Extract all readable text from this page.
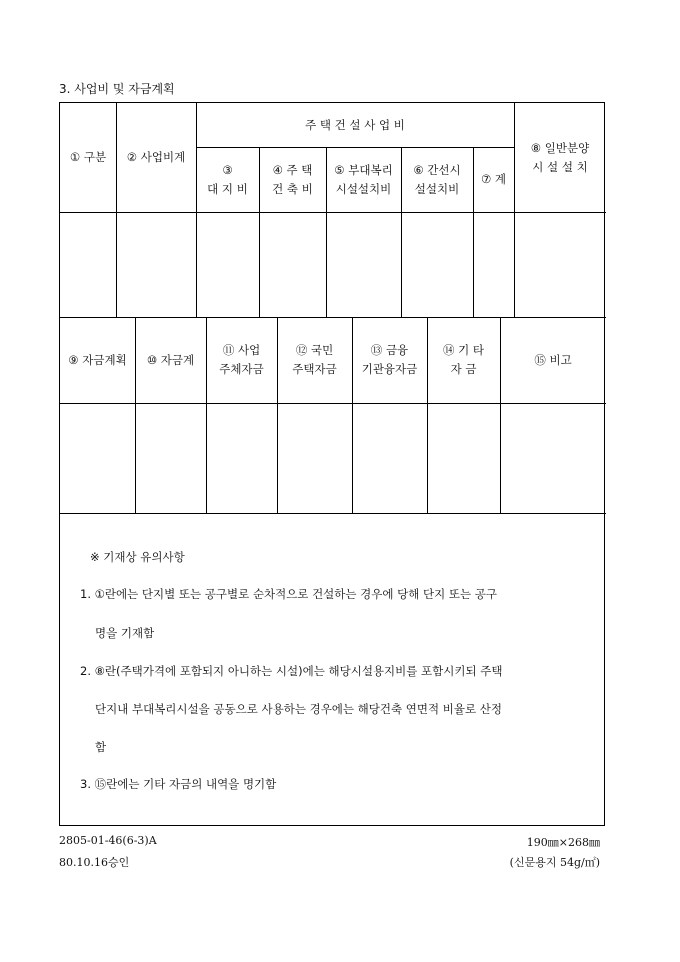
3. 사업비 및 자금계획
① 구분 ② 사업비계
주 택 건 설 사 업 비
③
대 지 비
④ 주 택
건 축 비
⑤ 부대복리
시설설치비
⑥ 간선시
설설치비
⑦ 계
⑧ 일반분양
시 설 설 치
⑨ 자금계획 ⑩ 자금계
⑪ 사업
주체자금
⑫ 국민
주택자금
⑬ 금융
기관융자금
⑭ 기 타
자 금
⑮ 비고
※ 기재상 유의사항
1. ①란에는 단지별 또는 공구별로 순차적으로 건설하는 경우에 당해 단지 또는 공구
명을 기재함
2. ⑧란(주택가격에 포함되지 아니하는 시설)에는 해당시설용지비를 포함시키되 주택
단지내 부대복리시설을 공동으로 사용하는 경우에는 해당건축 연면적 비율로 산정
함
3. ⑮란에는 기타 자금의 내역을 명기함
2805-01-46(6-3)A
80.10.16승인
190㎜×268㎜
(신문용지 54g/㎡)
